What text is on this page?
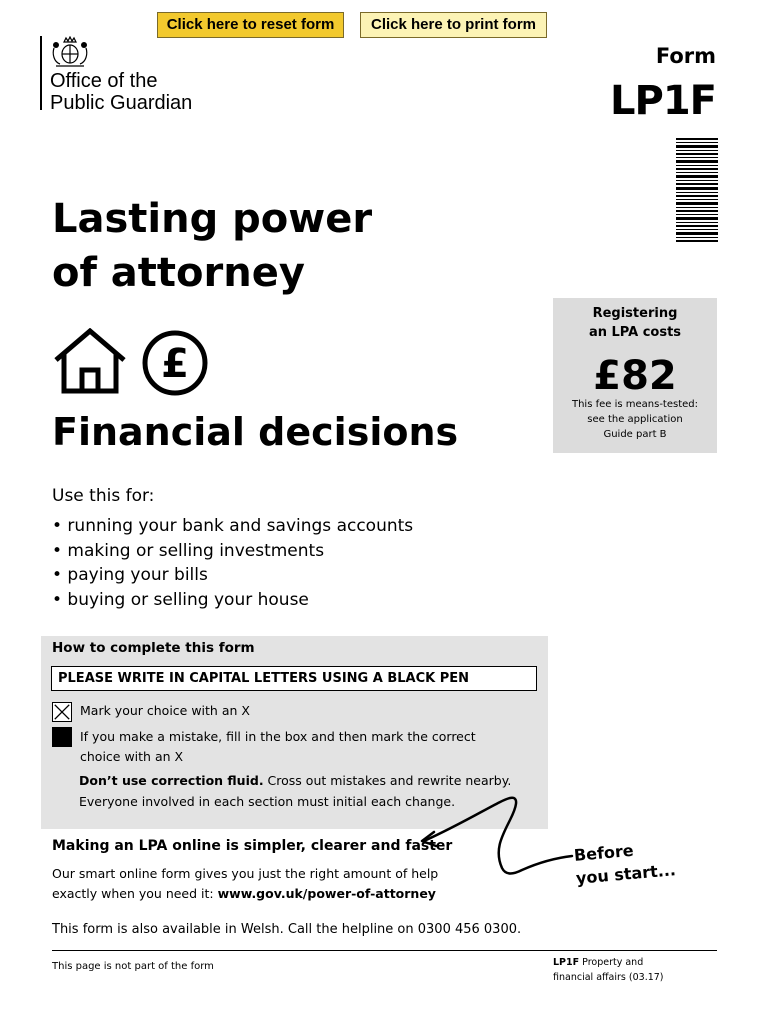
Click here to reset form	Click here to print form
Office of the
Public Guardian
Form
LP1F
Lasting power
of attorney
£
Financial decisions
Registering
an LPA costs
£82
This fee is means-tested:
see the application
Guide part B
Use this for:
• running your bank and savings accounts
• making or selling investments
• paying your bills
• buying or selling your house
How to complete this form
PLEASE WRITE IN CAPITAL LETTERS USING A BLACK PEN
Mark your choice with an X
If you make a mistake, fill in the box and then mark the correct
choice with an X
Don’t use correction fluid. Cross out mistakes and rewrite nearby.
Everyone involved in each section must initial each change.
Making an LPA online is simpler, clearer and faster
Our smart online form gives you just the right amount of help
exactly when you need it: www.gov.uk/power-of-attorney
Before
you start...
This form is also available in Welsh. Call the helpline on 0300 456 0300.
This page is not part of the form	LP1F Property and
financial affairs (03.17)
